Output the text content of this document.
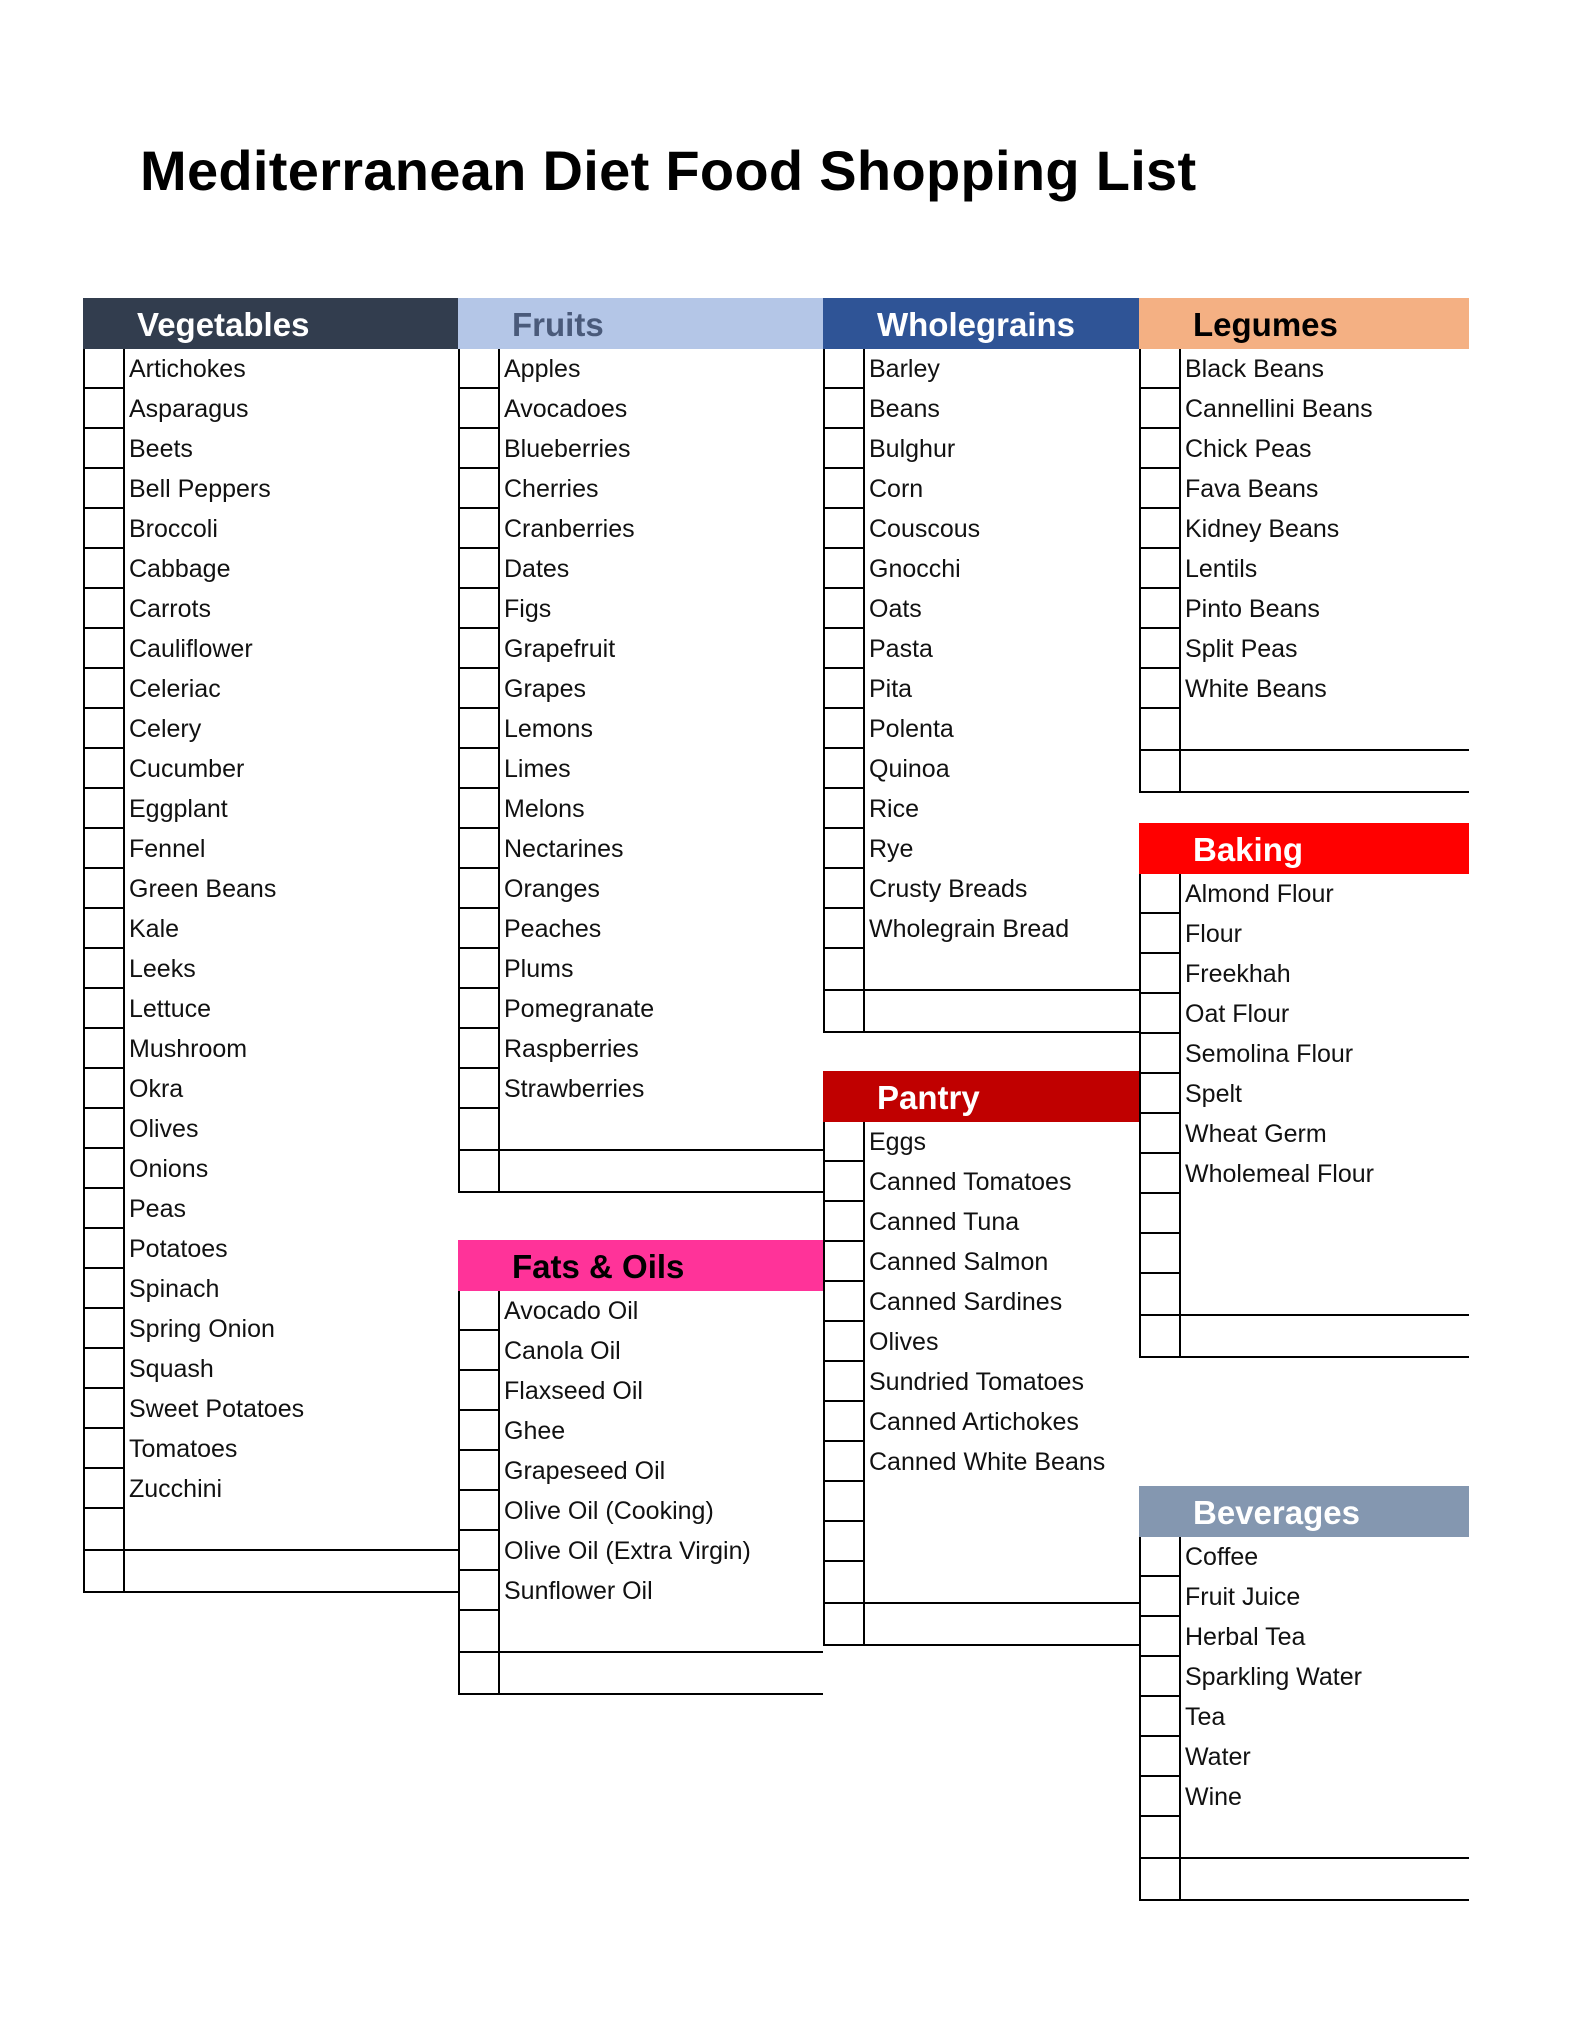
Mediterranean Diet Food Shopping List
Vegetables
Artichokes
Asparagus
Beets
Bell Peppers
Broccoli
Cabbage
Carrots
Cauliflower
Celeriac
Celery
Cucumber
Eggplant
Fennel
Green Beans
Kale
Leeks
Lettuce
Mushroom
Okra
Olives
Onions
Peas
Potatoes
Spinach
Spring Onion
Squash
Sweet Potatoes
Tomatoes
Zucchini
Fruits
Apples
Avocadoes
Blueberries
Cherries
Cranberries
Dates
Figs
Grapefruit
Grapes
Lemons
Limes
Melons
Nectarines
Oranges
Peaches
Plums
Pomegranate
Raspberries
Strawberries
Wholegrains
Barley
Beans
Bulghur
Corn
Couscous
Gnocchi
Oats
Pasta
Pita
Polenta
Quinoa
Rice
Rye
Crusty Breads
Wholegrain Bread
Legumes
Black Beans
Cannellini Beans
Chick Peas
Fava Beans
Kidney Beans
Lentils
Pinto Beans
Split Peas
White Beans
Baking
Almond Flour
Flour
Freekhah
Oat Flour
Semolina Flour
Spelt
Wheat Germ
Wholemeal Flour
Pantry
Eggs
Canned Tomatoes
Canned Tuna
Canned Salmon
Canned Sardines
Olives
Sundried Tomatoes
Canned Artichokes
Canned White Beans
Fats & Oils
Avocado Oil
Canola Oil
Flaxseed Oil
Ghee
Grapeseed Oil
Olive Oil (Cooking)
Olive Oil (Extra Virgin)
Sunflower Oil
Beverages
Coffee
Fruit Juice
Herbal Tea
Sparkling Water
Tea
Water
Wine
